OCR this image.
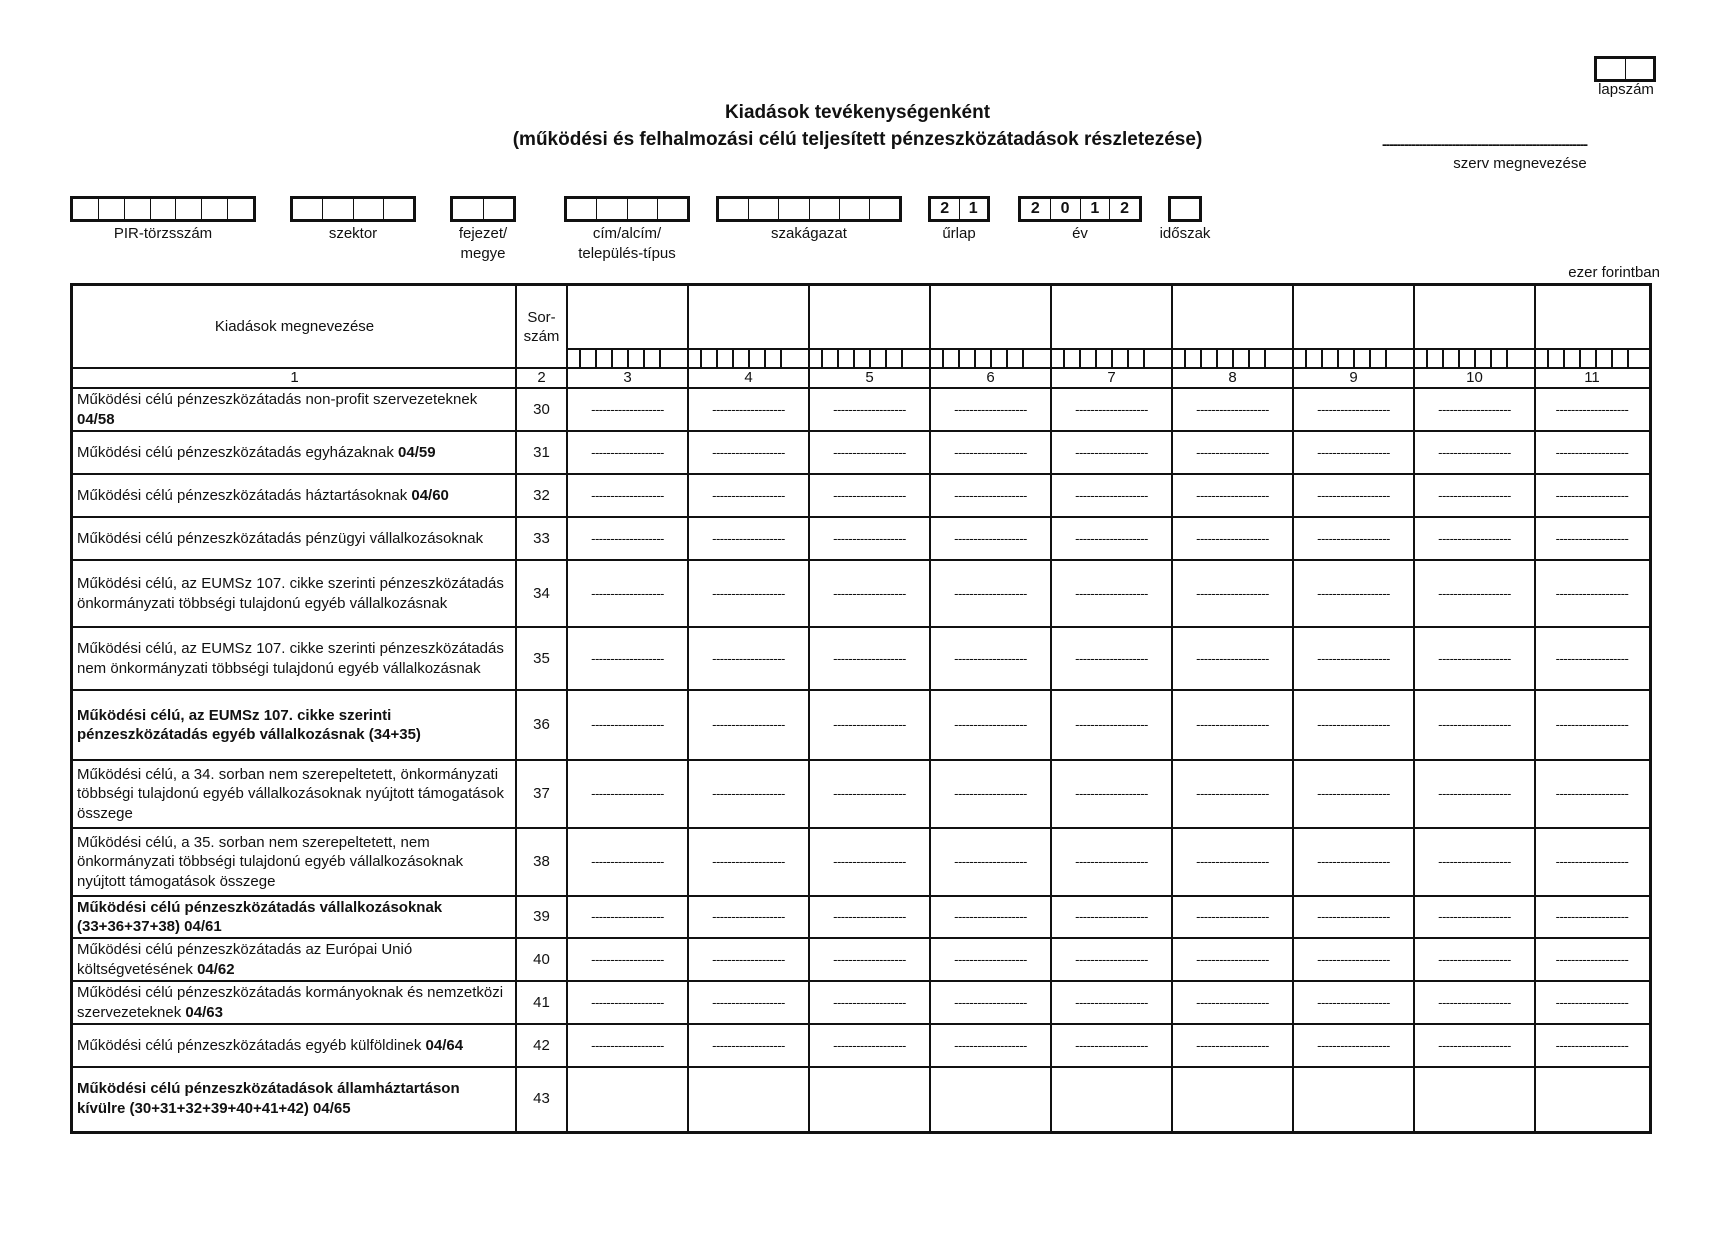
lapszám
Kiadások tevékenységenként
(működési és felhalmozási célú teljesített pénzeszközátadások részletezése)	--------------------------------------------------------
szerv megnevezése
PIR-törzsszám	szektor	fejezet/
megye
cím/alcím/
település-típus
szakágazat
2	1
űrlap
2	0	1	2
év	időszak
ezer forintban
Kiadások megnevezése
Sor-
szám
1	2	3	4	5	6	7	8	9	10	11
Működési célú pénzeszközátadás non-profit szervezeteknek 04/58
30	-------------------	-------------------	-------------------	-------------------	-------------------	-------------------	-------------------	-------------------	-------------------
Működési célú pénzeszközátadás egyházaknak 04/59	31	-------------------	-------------------	-------------------	-------------------	-------------------	-------------------	-------------------	-------------------	-------------------
Működési célú pénzeszközátadás háztartásoknak 04/60	32	-------------------	-------------------	-------------------	-------------------	-------------------	-------------------	-------------------	-------------------	-------------------
Működési célú pénzeszközátadás pénzügyi vállalkozásoknak	33	-------------------	-------------------	-------------------	-------------------	-------------------	-------------------	-------------------	-------------------	-------------------
Működési célú, az EUMSz 107. cikke szerinti pénzeszközátadás önkormányzati többségi tulajdonú egyéb vállalkozásnak
34	-------------------	-------------------	-------------------	-------------------	-------------------	-------------------	-------------------	-------------------	-------------------
Működési célú, az EUMSz 107. cikke szerinti pénzeszközátadás nem önkormányzati többségi tulajdonú egyéb vállalkozásnak
35	-------------------	-------------------	-------------------	-------------------	-------------------	-------------------	-------------------	-------------------	-------------------
Működési célú, az EUMSz 107. cikke szerinti pénzeszközátadás egyéb vállalkozásnak (34+35)
36	-------------------	-------------------	-------------------	-------------------	-------------------	-------------------	-------------------	-------------------	-------------------
Működési célú, a 34. sorban nem szerepeltetett, önkormányzati többségi tulajdonú egyéb vállalkozásoknak nyújtott támogatások összege
37	-------------------	-------------------	-------------------	-------------------	-------------------	-------------------	-------------------	-------------------	-------------------
Működési célú, a 35. sorban nem szerepeltetett, nem önkormányzati többségi tulajdonú egyéb vállalkozásoknak nyújtott támogatások összege
38	-------------------	-------------------	-------------------	-------------------	-------------------	-------------------	-------------------	-------------------	-------------------
Működési célú pénzeszközátadás vállalkozásoknak (33+36+37+38) 04/61
39	-------------------	-------------------	-------------------	-------------------	-------------------	-------------------	-------------------	-------------------	-------------------
Működési célú pénzeszközátadás az Európai Unió költségvetésének 04/62
40	-------------------	-------------------	-------------------	-------------------	-------------------	-------------------	-------------------	-------------------	-------------------
Működési célú pénzeszközátadás kormányoknak és nemzetközi szervezeteknek 04/63
41	-------------------	-------------------	-------------------	-------------------	-------------------	-------------------	-------------------	-------------------	-------------------
Működési célú pénzeszközátadás egyéb külföldinek 04/64	42	-------------------	-------------------	-------------------	-------------------	-------------------	-------------------	-------------------	-------------------	-------------------
Működési célú pénzeszközátadások államháztartáson kívülre (30+31+32+39+40+41+42) 04/65
43
